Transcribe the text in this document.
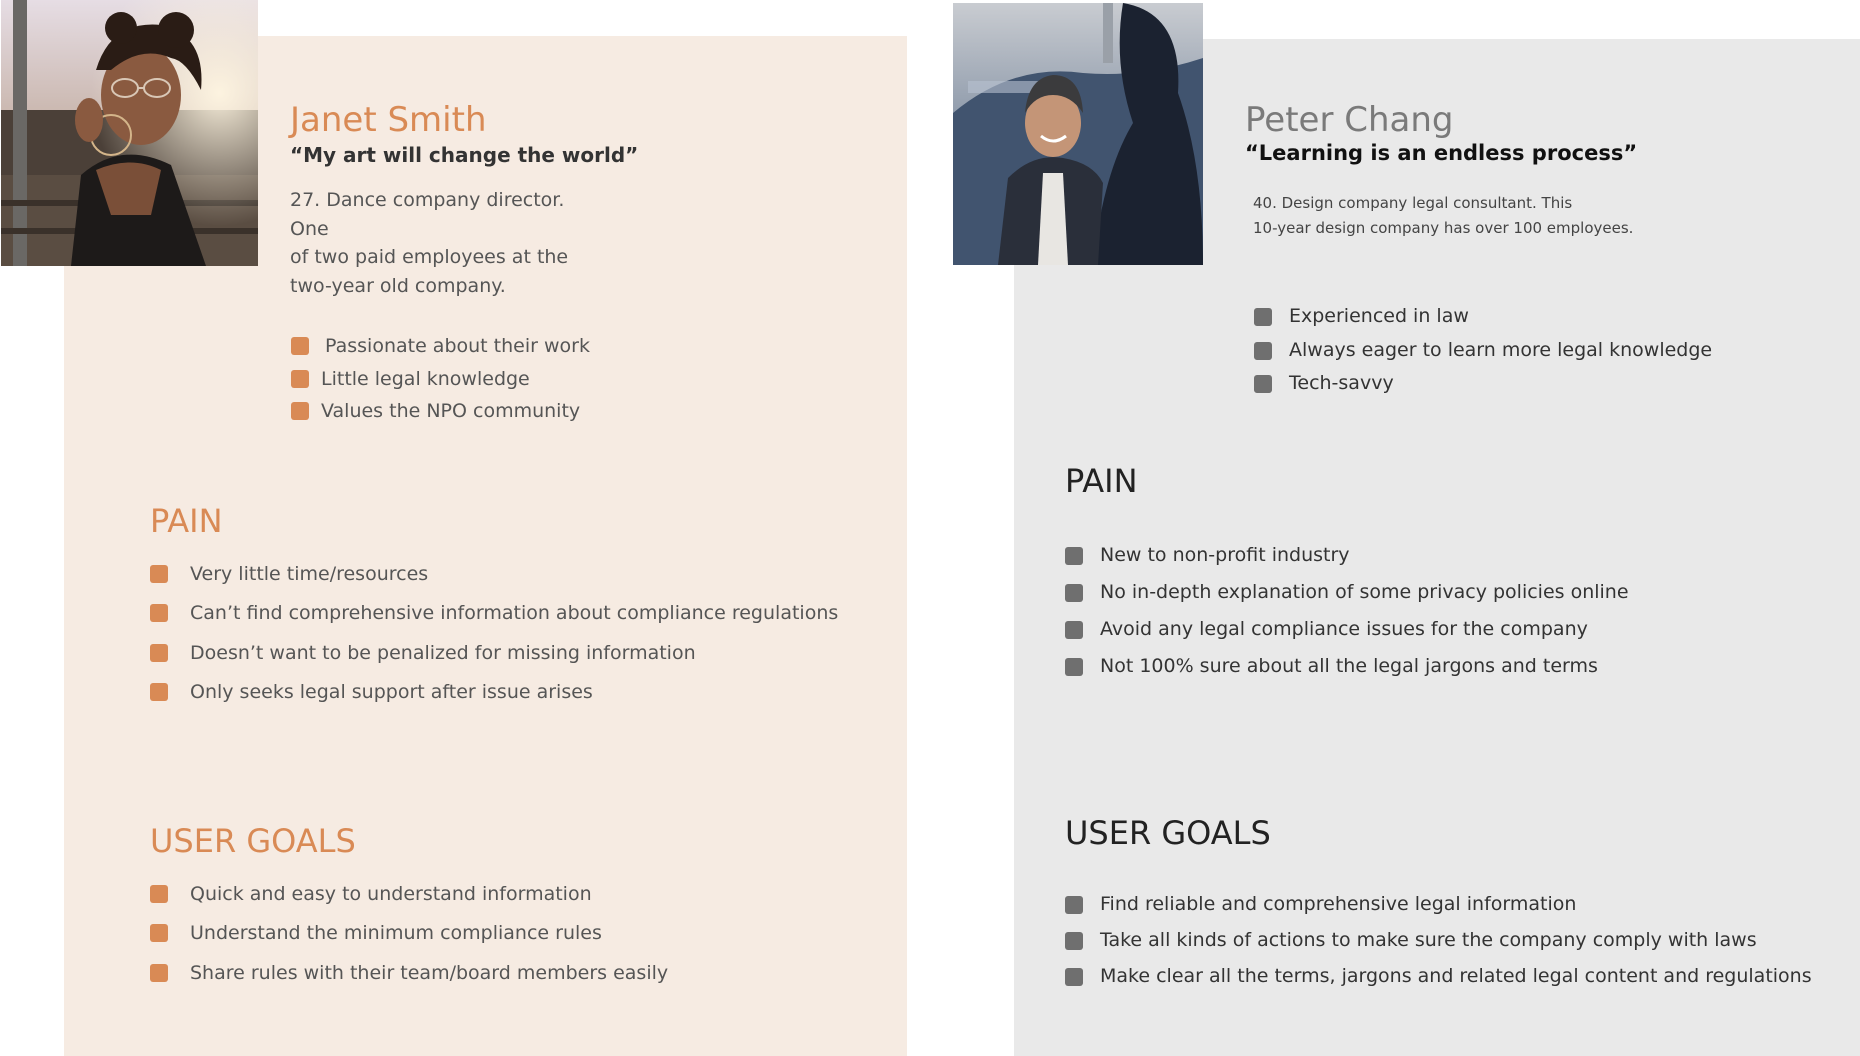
Janet Smith
“My art will change the world”
27. Dance company director. One
of two paid employees at the
two-year old company.
Passionate about their work
Little legal knowledge
Values the NPO community
PAIN
Very little time/resources
Can’t find comprehensive information about compliance regulations
Doesn’t want to be penalized for missing information
Only seeks legal support after issue arises
USER GOALS
Quick and easy to understand information
Understand the minimum compliance rules
Share rules with their team/board members easily
Peter Chang
“Learning is an endless process”
40. Design company legal consultant. This
10-year design company has over 100 employees.
Experienced in law
Always eager to learn more legal knowledge
Tech-savvy
PAIN
New to non-profit industry
No in-depth explanation of some privacy policies online
Avoid any legal compliance issues for the company
Not 100% sure about all the legal jargons and terms
USER GOALS
Find reliable and comprehensive legal information
Take all kinds of actions to make sure the company comply with laws
Make clear all the terms, jargons and related legal content and regulations
